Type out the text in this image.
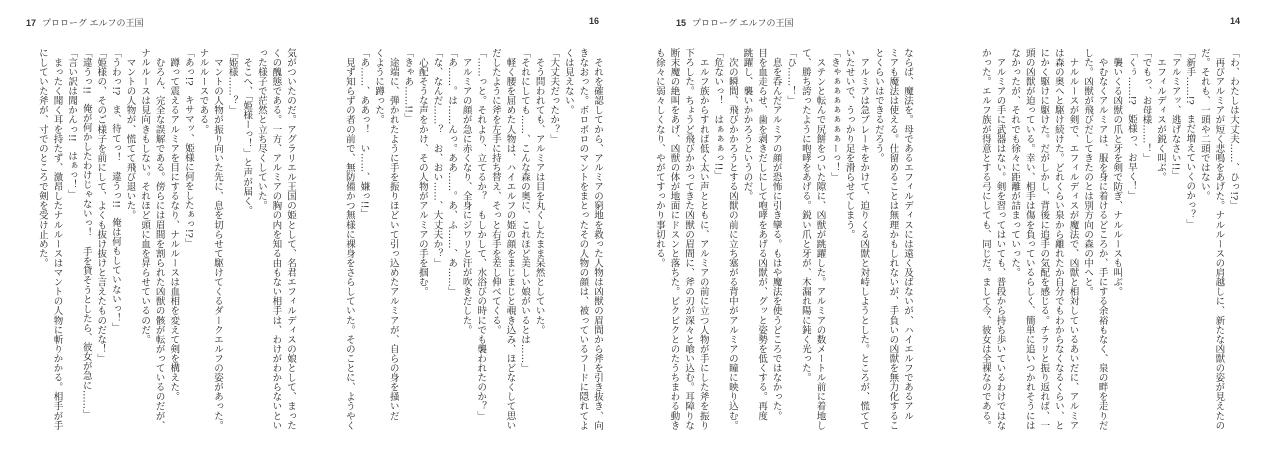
17 プロローグ エルフの王国
気がついたのだ。アグラリエル王国の姫として、名君エフィルディスの娘として、まった
くの醜態である。一方、アルミアの胸の内を知る由もない相手は、わけがわからないとい
った様子で茫然と立ち尽くしていた。
　そこへ、「姫様ーっ！」と声が届く。
「姫様……？」
　マントの人物が振り向いた先に、息を切らせて駆けてくるダークエルフの姿があった。
ナルルースである。
「あっ!?　キサマッ、姫様に何をしたぁっ!?」
　蹲って震えるアルミアを目にするなり、ナルルースは血相を変えて剣を構えた。
　むろん、完全な誤解である。傍らには眉間を割られた凶獣の骸が転がっているのだが、
ナルルースは見向きもしない。それほど頭に血を昇らせているのだ。
　マントの人物が、慌てて飛び退いた。
「うわっ!?　ま、待てっ！　違うっ!!　俺は何もしていないっ！」
「姫様の、そのご様子を前にして、よくも抜け抜けと言えたものだな！」
「違うっ!!　俺が何かしたわけじゃないっ！　手を貸そうとしたら、彼女が急に……」
「言い訳は聞かんっ!!　はぁっ！」
　まったく聞く耳を持たず、激昂したナルルースはマントの人物に斬りかかる。相手が手
にしていた斧が、寸でのところで剣を受け止めた。
16
　それを確認してから、アルミアの窮地を救った人物は凶獣の眉間から斧を引き抜き、向
きなおった。ボロボロのマントをまとったその人物の顔は、被っているフードに隠れてよ
くは見えない。
「大丈夫だったか？」
　そう問われても、アルミアは目を丸くしたまま呆然としていた。
「それにしても……、こんな森の奥に、これほど美しい娘がいるとは……」
　軽く腰を屈めた人物は、ハイエルフの姫の顔をまじまじと覗き込み、ほどなくして思い
だしたように斧を左手に持ち替え、そっと右手を差し伸べてくる。
「……っと。それより、立てるか？　もしかして、水浴びの時にでも襲われたのか？」
　アルミアの顔が急に赤くなり、全身にジワリと汗が吹きだした。
「あ……。は……んっ。ああ……。あ、ふ……、あ……」
「な、なんだ……？　お、おい……、大丈夫か？」
　心配そうな声をかけ、その人物がアルミアの手を掴む。
「きゃあ……!!」
　途端に、弾かれたように手を振りほどいて引っ込めたアルミアが、自らの身を掻いだ
くように蹲った。
「あ……、ああっ！　い……、嫌っ!!」
　見ず知らずの者の前で、無防備かつ無様に裸身をさらしていた。そのことに、ようやく
15 プロローグ エルフの王国
ならば、魔法を。母であるエフィルディスには遠く及ばないが、ハイエルフであるアル
ミアも魔法は使える。仕留めることは無理かもしれないが、手負いの凶獣を無力化するこ
とくらいはできるだろう。
　アルミアは急ブレーキをかけて、迫りくる凶獣と対峙しようとした。ところが、慌てて
いたせいで、うっかり足を滑らせてしまう。
「きゃぁぁぁぁぁぁぁーっ！」
　ステンと転んで尻餅をついた隙に、凶獣が跳躍した。アルミアの数メートル前に着地し
て、勝ち誇ったように咆哮をあげる。鋭い爪と牙が、木漏れ陽に鈍く光った。
「ひ……！」
　息を呑んだアルミアの顔が恐怖に引き攣る。もはや魔法を使うどころではなかった。
目を血走らせ、歯を剥きだしにして咆哮をあげる凶獣が、グッと姿勢を低くする。再度
跳躍し、襲いかかろうというのだ。
　次の瞬間、飛びかかろうとする凶獣の前に立ち塞がる背中がアルミアの瞳に映り込む。
「危ないっ！　はぁぁぁっ!!」
　エルフ族からすれば低く太い声とともに、アルミアの前に立つ人物が手にした斧を振り
下ろした。ちょうど飛びかかってきた凶獣の眉間に、斧の刃が深々と喰い込む。耳障りな
断末魔の絶叫をあげ、凶獣の体が地面にドスンと落ちた。ビクビクとのたうちまわる動き
も徐々に弱々しくなり、やがてすっかり事切れる。
14
「わ、わたしは大丈夫……、ひっ!?」
　再びアルミアが短く悲鳴をあげた。ナルルースの肩越しに、新たな凶獣の姿が見えたの
だ。それも、一頭や二頭ではない。
「新手……!?　まだ増えていくのかっ？」
「アルミアッ、逃げなさい!!」
　エフィルディスが鋭く叫ぶ。
「でもっ、お母様……！」
「くぅ……!?　姫様っ、お早く！」
　襲いくる凶獣の爪と牙を剣で防ぎ、ナルルースも叫ぶ。
　やむなくアルミアは、服を身に着けるどころか、手にする余裕もなく、泉の畔を走りだ
した。凶獣が飛びだしてきたのとは別方向の森の中へと。
　ナルルースが剣で、エフィルディスが魔法で、凶獣と相対しているあいだに、アルミア
は森の奥へと駆け続けた。どれくらい泉から離れたか自分でもわからなくなるくらい、と
にかく駆けに駆けた。だがしかし、背後に追手の気配を感じる。チラリと振り返れば、一
頭の凶獣が迫っている。幸い、相手は傷を負っているらしく、簡単に追いつかれそうには
なかったが、それでも徐々に距離が詰まっていった。
　アルミアの手に武器はない。剣を習ってはいても、普段から持ち歩いているわけではな
かった。エルフ族が得意とする弓にしても、同じだ。まして今、彼女は全裸なのである。
